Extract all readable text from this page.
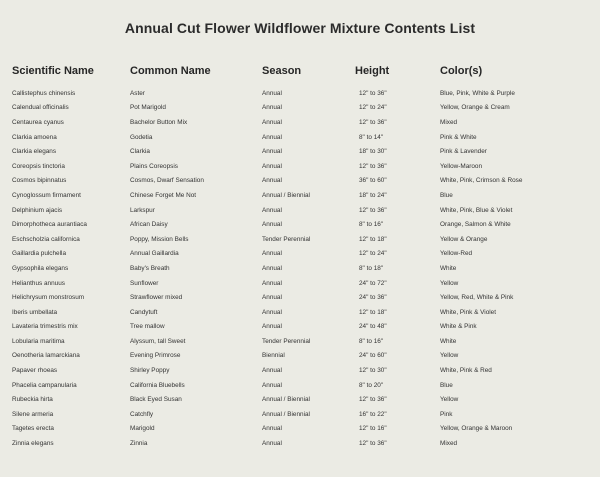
Annual Cut Flower Wildflower Mixture Contents List
Scientific Name	Common Name	Season	Height	Color(s)

Callistephus chinensis	Aster	Annual	12" to 36"	Blue, Pink, White & Purple
Calendual officinalis	Pot Marigold	Annual	12" to 24"	Yellow, Orange & Cream
Centaurea cyanus	Bachelor Button Mix	Annual	12" to 36"	Mixed
Clarkia amoena	Godetia	Annual	8" to 14"	Pink & White
Clarkia elegans	Clarkia	Annual	18" to 30"	Pink & Lavender
Coreopsis tinctoria	Plains Coreopsis	Annual	12" to 36"	Yellow-Maroon
Cosmos bipinnatus	Cosmos, Dwarf Sensation	Annual	36" to 60"	White, Pink, Crimson & Rose
Cynoglossum firmament	Chinese Forget Me Not	Annual / Biennial	18" to 24"	Blue
Delphinium ajacis	Larkspur	Annual	12" to 36"	White, Pink, Blue & Violet
Dimorphotheca aurantiaca	African Daisy	Annual	8" to 16"	Orange, Salmon & White
Eschscholzia californica	Poppy, Mission Bells	Tender Perennial	12" to 18"	Yellow & Orange
Gaillardia pulchella	Annual Gaillardia	Annual	12" to 24"	Yellow-Red
Gypsophila elegans	Baby's Breath	Annual	8" to 18"	White
Helianthus annuus	Sunflower	Annual	24" to 72"	Yellow
Helichrysum monstrosum	Strawflower mixed	Annual	24" to 36"	Yellow, Red, White & Pink
Iberis umbellata	Candytuft	Annual	12" to 18"	White, Pink & Violet
Lavateria trimestris mix	Tree mallow	Annual	24" to 48"	White & Pink
Lobularia maritima	Alyssum, tall Sweet	Tender Perennial	8" to 16"	White
Oenotheria lamarckiana	Evening Primrose	Biennial	24" to 60"	Yellow
Papaver rhoeas	Shirley Poppy	Annual	12" to 30"	White, Pink & Red
Phacelia campanularia	California Bluebells	Annual	8" to 20"	Blue
Rubeckia hirta	Black Eyed Susan	Annual / Biennial	12" to 36"	Yellow
Silene armeria	Catchfly	Annual / Biennial	16" to 22"	Pink
Tagetes erecta	Marigold	Annual	12" to 16"	Yellow, Orange & Maroon
Zinnia elegans	Zinnia	Annual	12" to 36"	Mixed
